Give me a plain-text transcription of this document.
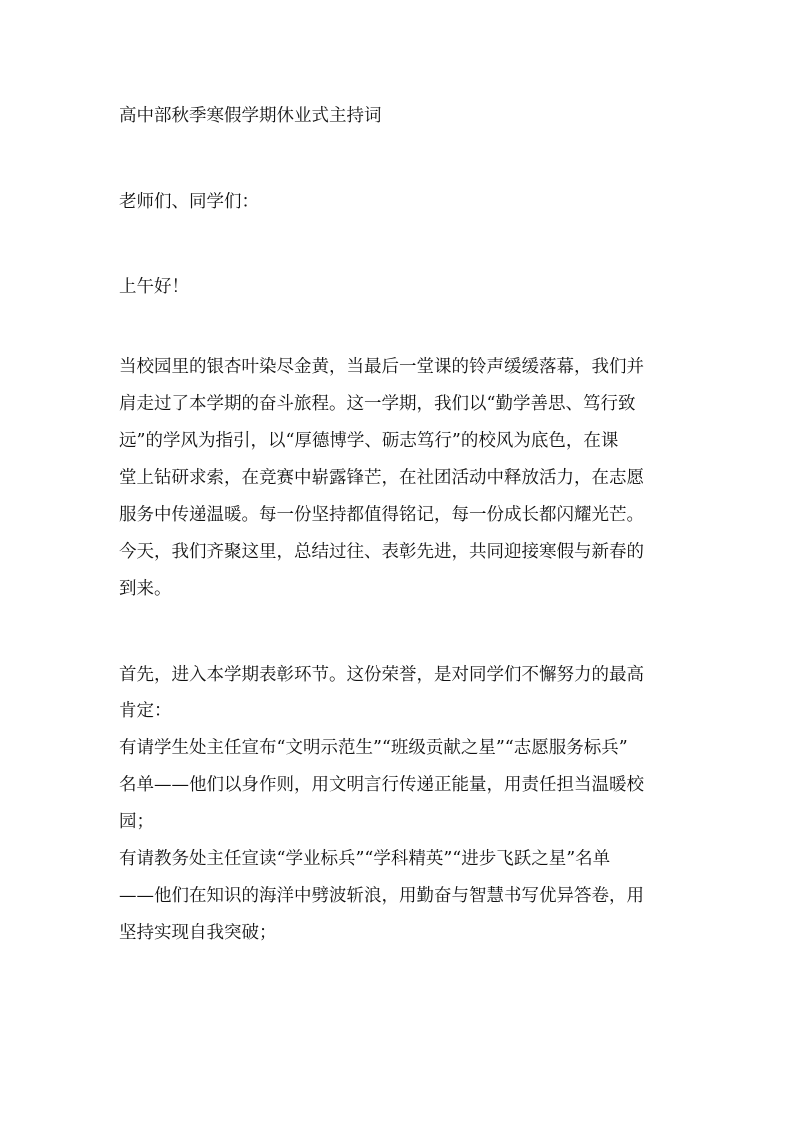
高中部秋季寒假学期休业式主持词

老师们、同学们：

上午好！

当校园里的银杏叶染尽金黄，当最后一堂课的铃声缓缓落幕，我们并

肩走过了本学期的奋斗旅程。这一学期，我们以“勤学善思、笃行致

远”的学风为指引，以“厚德博学、砺志笃行”的校风为底色，在课

堂上钻研求索，在竞赛中崭露锋芒，在社团活动中释放活力，在志愿

服务中传递温暖。每一份坚持都值得铭记，每一份成长都闪耀光芒。

今天，我们齐聚这里，总结过往、表彰先进，共同迎接寒假与新春的

到来。

首先，进入本学期表彰环节。这份荣誉，是对同学们不懈努力的最高

肯定：

有请学生处主任宣布“文明示范生”“班级贡献之星”“志愿服务标兵”

名单——他们以身作则，用文明言行传递正能量，用责任担当温暖校

园；

有请教务处主任宣读“学业标兵”“学科精英”“进步飞跃之星”名单

——他们在知识的海洋中劈波斩浪，用勤奋与智慧书写优异答卷，用

坚持实现自我突破；
